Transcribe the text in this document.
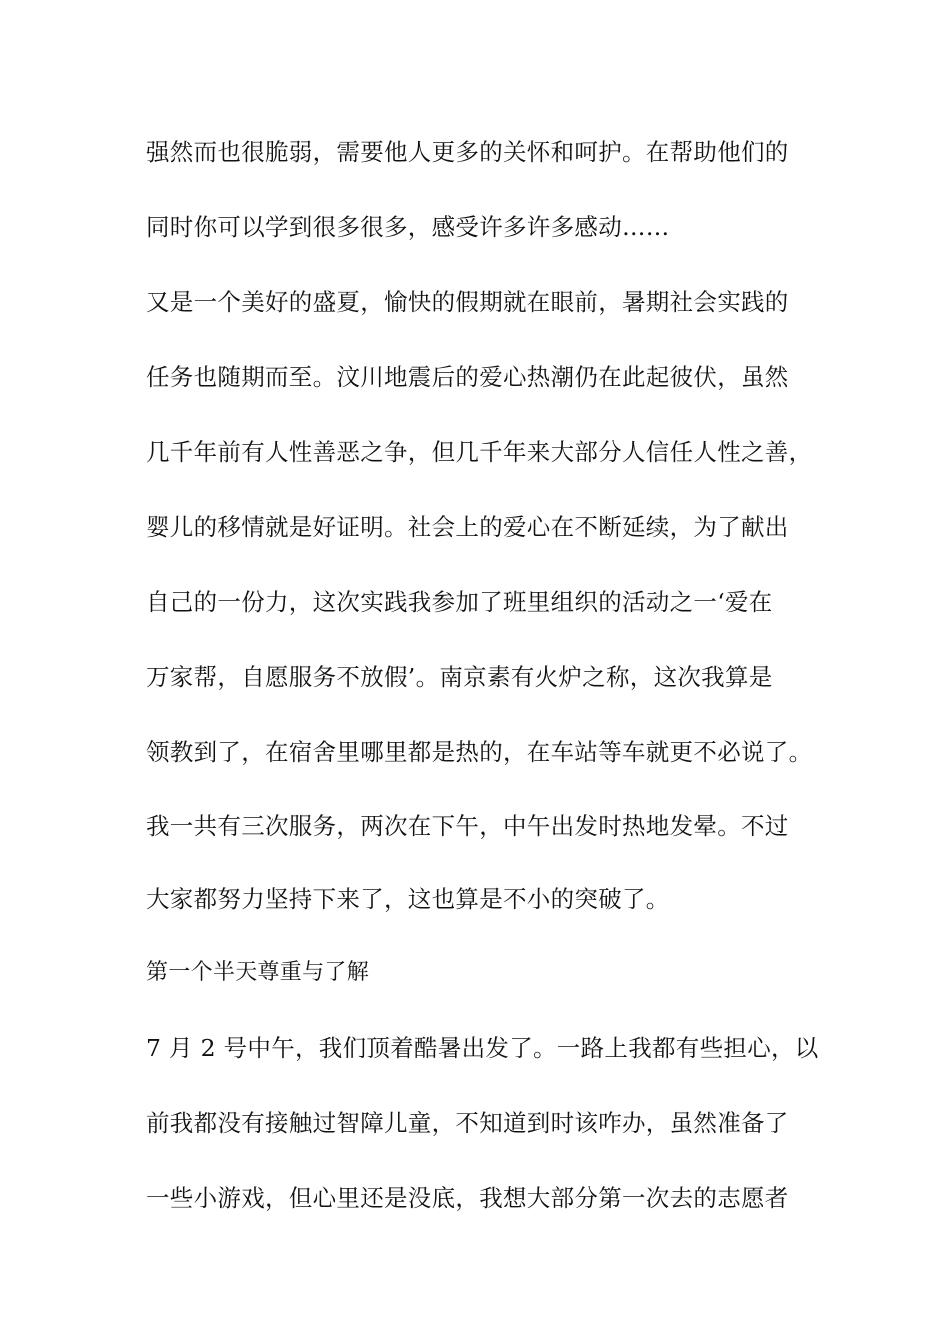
强然而也很脆弱，需要他人更多的关怀和呵护。在帮助他们的
同时你可以学到很多很多，感受许多许多感动……
又是一个美好的盛夏，愉快的假期就在眼前，暑期社会实践的
任务也随期而至。汶川地震后的爱心热潮仍在此起彼伏，虽然
几千年前有人性善恶之争，但几千年来大部分人信任人性之善，
婴儿的移情就是好证明。社会上的爱心在不断延续，为了献出
自己的一份力，这次实践我参加了班里组织的活动之一‘爱在
万家帮，自愿服务不放假’。南京素有火炉之称，这次我算是
领教到了，在宿舍里哪里都是热的，在车站等车就更不必说了。
我一共有三次服务，两次在下午，中午出发时热地发晕。不过
大家都努力坚持下来了，这也算是不小的突破了。
第一个半天尊重与了解
7 月 2 号中午，我们顶着酷暑出发了。一路上我都有些担心，以
前我都没有接触过智障儿童，不知道到时该咋办，虽然准备了
一些小游戏，但心里还是没底，我想大部分第一次去的志愿者
